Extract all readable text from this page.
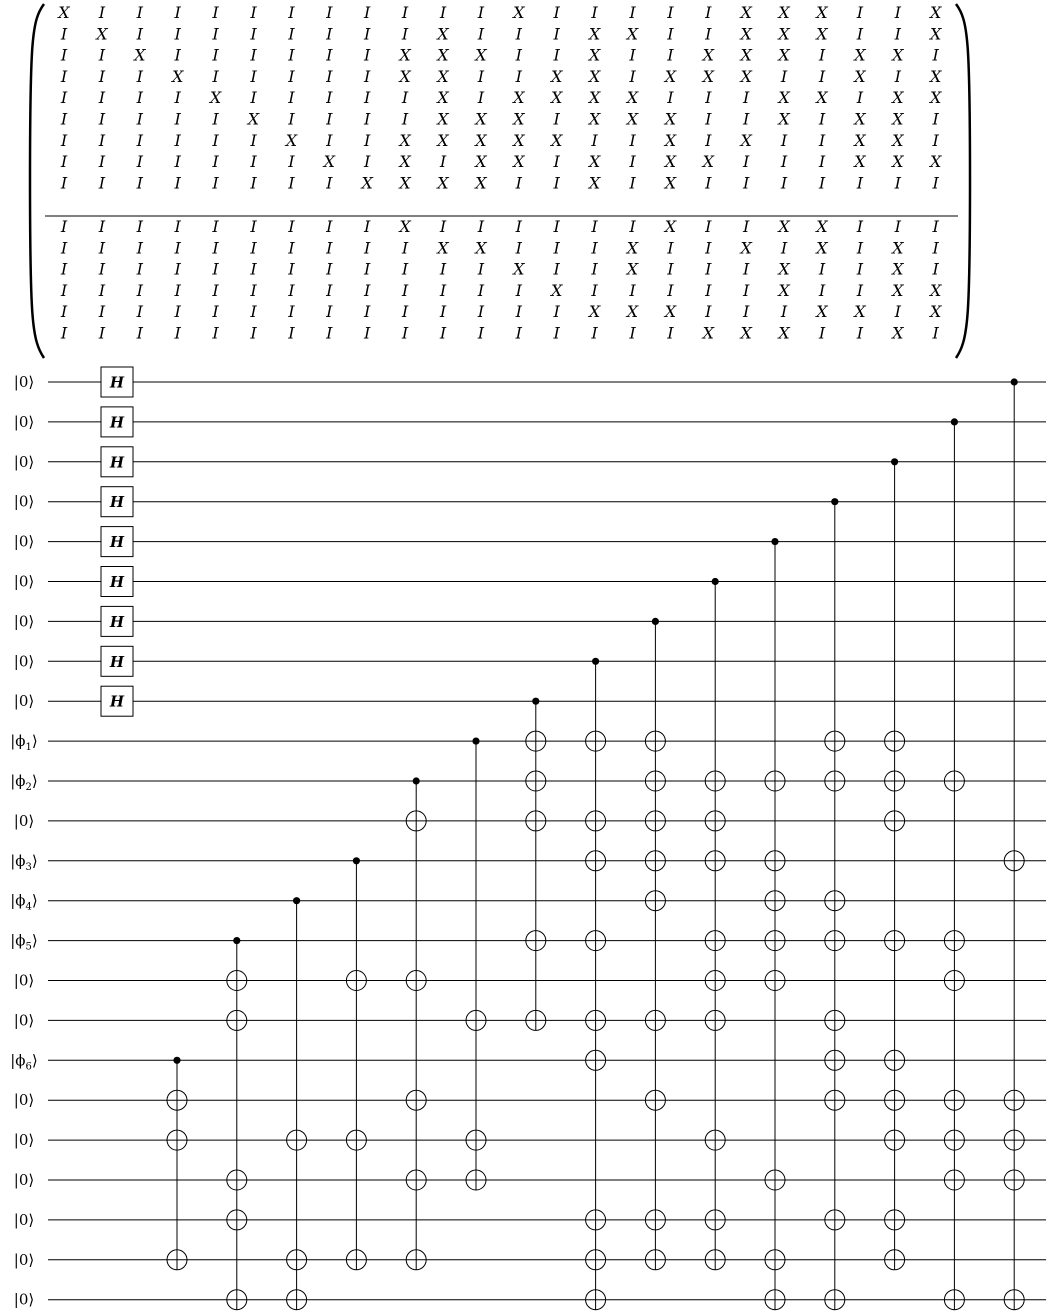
X I I I I I I I I I I I X I I I I I X X X I I X
I X I I I I I I I I X I I I X X I I X X X I I X
I I X I I I I I I X X X I I X I I X X X I X X I
I I I X I I I I I X X I I X X I X X X I I X I X
I I I I X I I I I I X I X X X X I I I X X I X X
I I I I I X I I I I X X X I X X X I I X I X X I
I I I I I I X I I X X X X X I I X I X I I X X I
I I I I I I I X I X I X X I X I X X I I I X X X
I I I I I I I I X X X X I I X I X I I I I I I I
I I I I I I I I I X I I I I I I X I I X X I I I
I I I I I I I I I I X X I I I X I I X I X I X I
I I I I I I I I I I I I X I I X I I I X I I X I
I I I I I I I I I I I I I X I I I I I X I I X X
I I I I I I I I I I I I I I X X X I I I X X I X
I I I I I I I I I I I I I I I I I X X X I I X I
|0⟩
|0⟩
|0⟩
|0⟩
|0⟩
|0⟩
|0⟩
|0⟩
|0⟩
$|\phi_1⟩$
$|\phi_2⟩$
|0⟩
$|\phi_3⟩$
$|\phi_4⟩$
$|\phi_5⟩$
|0⟩
|0⟩
$|\phi_6⟩$
|0⟩
|0⟩
|0⟩
|0⟩
|0⟩
|0⟩
H
H
H
H
H
H
H
H
H
